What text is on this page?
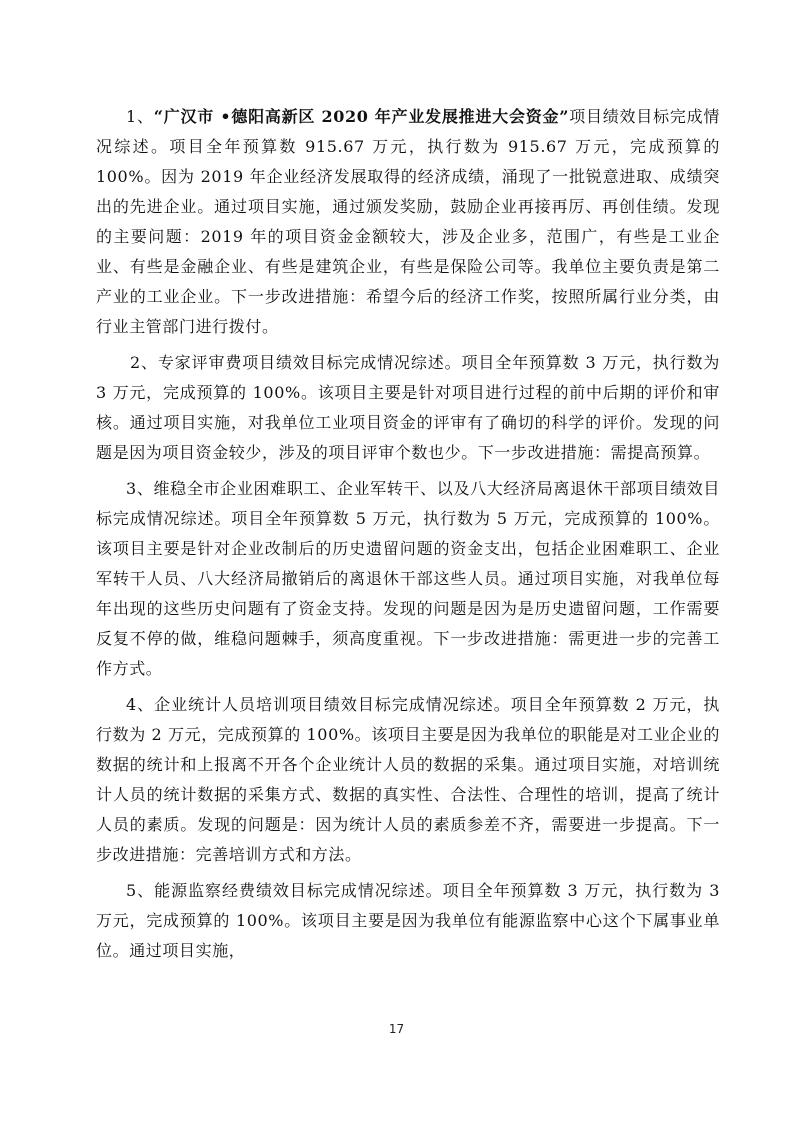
1、“广汉市 •德阳高新区 2020 年产业发展推进大会资金”项目绩效目标完成情况综述。项目全年预算数 915.67 万元，执行数为 915.67 万元，完成预算的 100%。因为 2019 年企业经济发展取得的经济成绩，涌现了一批锐意进取、成绩突出的先进企业。通过项目实施，通过颁发奖励，鼓励企业再接再厉、再创佳绩。发现的主要问题：2019 年的项目资金金额较大，涉及企业多，范围广，有些是工业企业、有些是金融企业、有些是建筑企业，有些是保险公司等。我单位主要负责是第二产业的工业企业。下一步改进措施：希望今后的经济工作奖，按照所属行业分类，由行业主管部门进行拨付。

2、专家评审费项目绩效目标完成情况综述。项目全年预算数 3 万元，执行数为 3 万元，完成预算的 100%。该项目主要是针对项目进行过程的前中后期的评价和审核。通过项目实施，对我单位工业项目资金的评审有了确切的科学的评价。发现的问题是因为项目资金较少，涉及的项目评审个数也少。下一步改进措施：需提高预算。

3、维稳全市企业困难职工、企业军转干、以及八大经济局离退休干部项目绩效目标完成情况综述。项目全年预算数 5 万元，执行数为 5 万元，完成预算的 100%。该项目主要是针对企业改制后的历史遗留问题的资金支出，包括企业困难职工、企业军转干人员、八大经济局撤销后的离退休干部这些人员。通过项目实施，对我单位每年出现的这些历史问题有了资金支持。发现的问题是因为是历史遗留问题，工作需要反复不停的做，维稳问题棘手，须高度重视。下一步改进措施：需更进一步的完善工作方式。

4、企业统计人员培训项目绩效目标完成情况综述。项目全年预算数 2 万元，执行数为 2 万元，完成预算的 100%。该项目主要是因为我单位的职能是对工业企业的数据的统计和上报离不开各个企业统计人员的数据的采集。通过项目实施，对培训统计人员的统计数据的采集方式、数据的真实性、合法性、合理性的培训，提高了统计人员的素质。发现的问题是：因为统计人员的素质参差不齐，需要进一步提高。下一步改进措施：完善培训方式和方法。

5、能源监察经费绩效目标完成情况综述。项目全年预算数 3 万元，执行数为 3 万元，完成预算的 100%。该项目主要是因为我单位有能源监察中心这个下属事业单位。通过项目实施，

17
